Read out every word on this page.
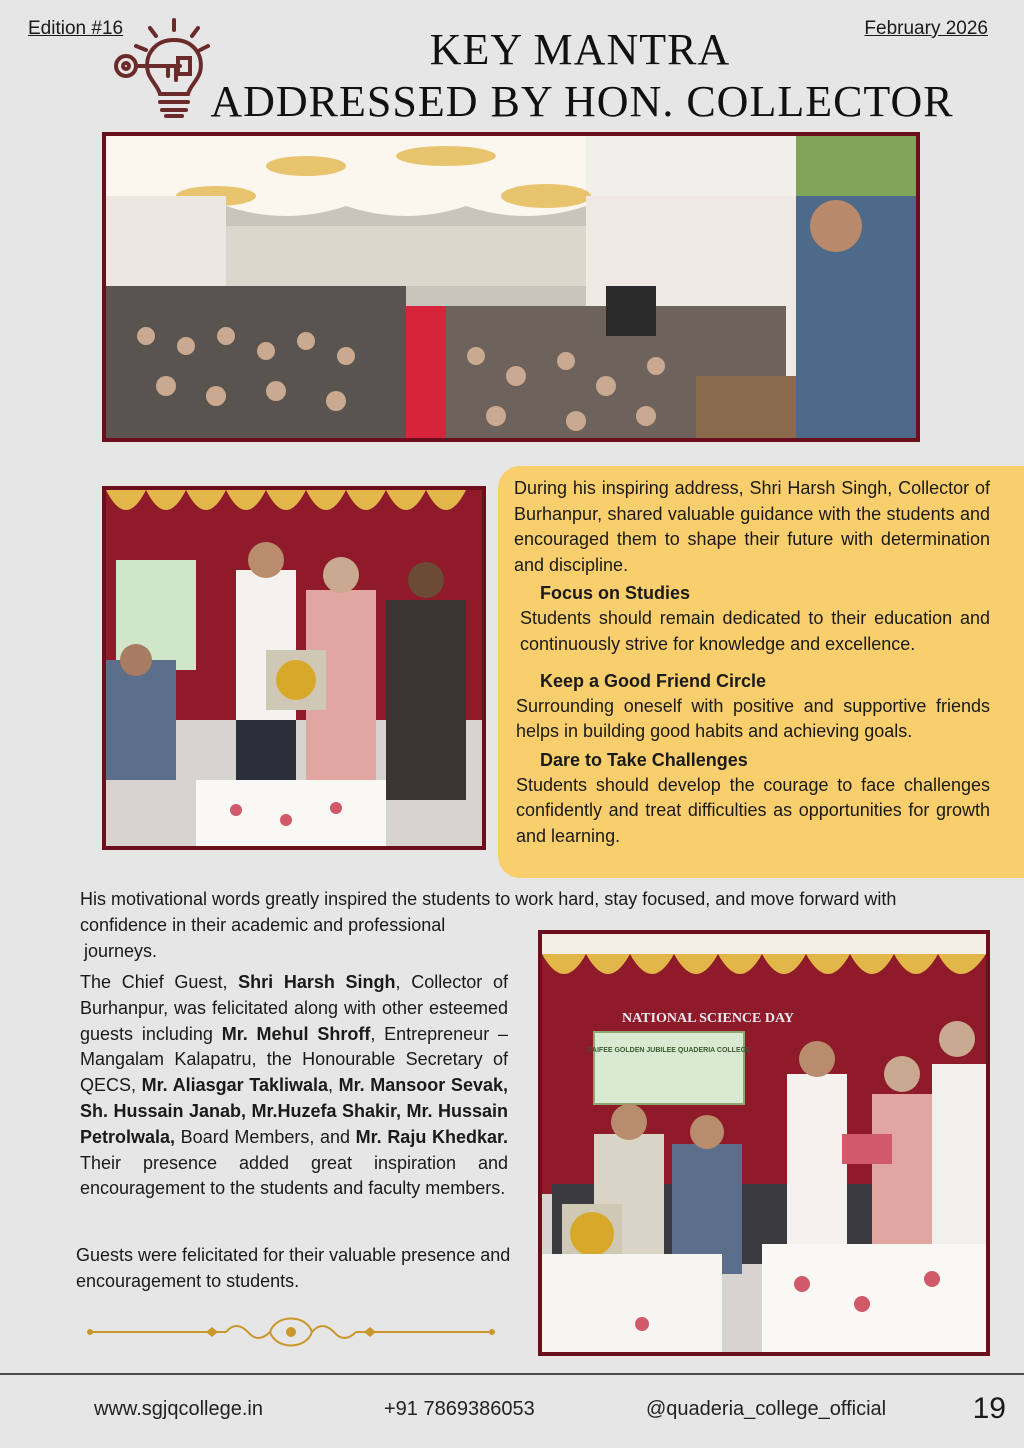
Edition #16	February 2026
KEY MANTRA
ADDRESSED BY HON. COLLECTOR

During his inspiring address, Shri Harsh Singh, Collector of Burhanpur, shared valuable guidance with the students and encouraged them to shape their future with determination and discipline.

Focus on Studies

Students should remain dedicated to their education and continuously strive for knowledge and excellence.

Keep a Good Friend Circle

Surrounding oneself with positive and supportive friends helps in building good habits and achieving goals.

Dare to Take Challenges

Students should develop the courage to face challenges confidently and treat difficulties as opportunities for growth and learning.

His motivational words greatly inspired the students to work hard, stay focused, and move forward with
confidence in their academic and professional
journeys.
The Chief Guest, Shri Harsh Singh, Collector of Burhanpur, was felicitated along with other esteemed guests including Mr. Mehul Shroff, Entrepreneur – Mangalam Kalapatru, the Honourable Secretary of QECS, Mr. Aliasgar Takliwala, Mr. Mansoor Sevak, Sh. Hussain Janab, Mr.Huzefa Shakir, Mr. Hussain Petrolwala, Board Members, and Mr. Raju Khedkar. Their presence added great inspiration and encouragement to the students and faculty members.
Guests were felicitated for their valuable presence and encouragement to students.
SAIFEE GOLDEN JUBILEE QUADERIA COLLEGE
NATIONAL SCIENCE DAY
www.sgjqcollege.in	+91 7869386053	@quaderia_college_official	19
